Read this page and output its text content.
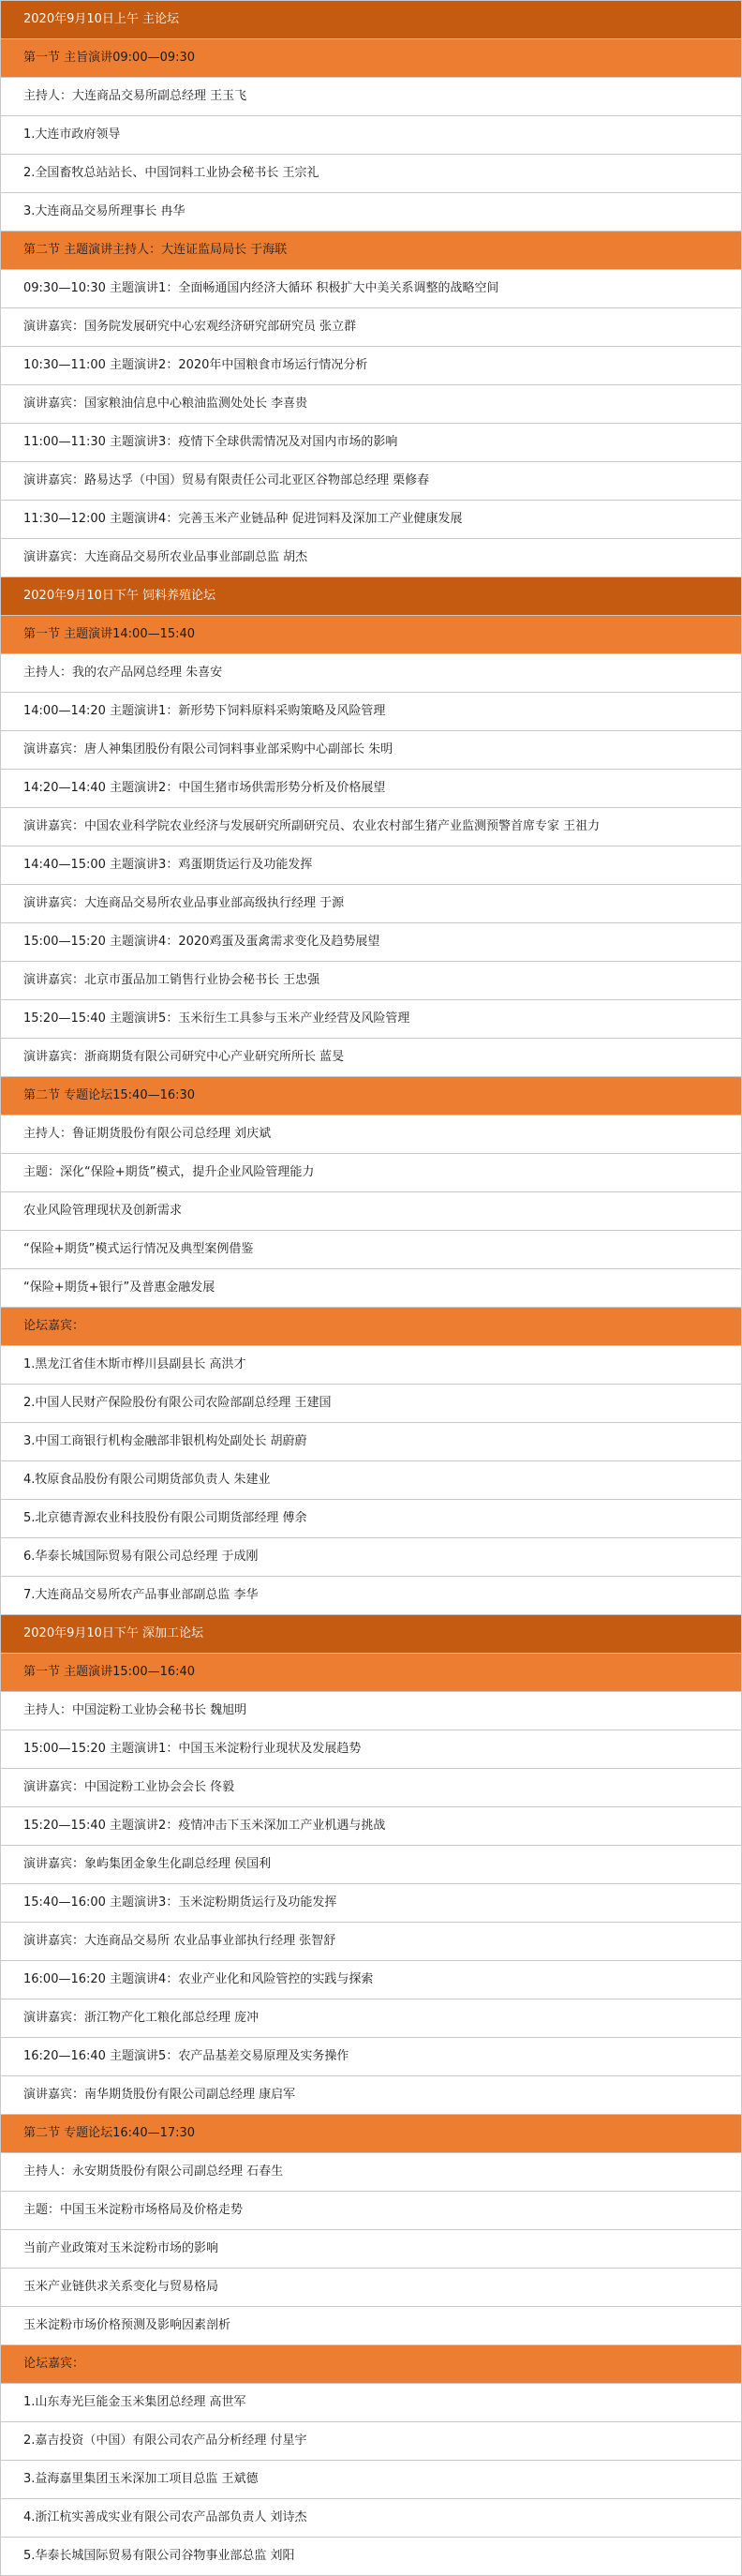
2020年9月10日上午 主论坛
第一节 主旨演讲09:00—09:30
主持人：大连商品交易所副总经理 王玉飞
1.大连市政府领导
2.全国畜牧总站站长、中国饲料工业协会秘书长 王宗礼
3.大连商品交易所理事长 冉华
第二节 主题演讲主持人：大连证监局局长 于海联
09:30—10:30 主题演讲1：全面畅通国内经济大循环 积极扩大中美关系调整的战略空间
演讲嘉宾：国务院发展研究中心宏观经济研究部研究员 张立群
10:30—11:00 主题演讲2：2020年中国粮食市场运行情况分析
演讲嘉宾：国家粮油信息中心粮油监测处处长 李喜贵
11:00—11:30 主题演讲3：疫情下全球供需情况及对国内市场的影响
演讲嘉宾：路易达孚（中国）贸易有限责任公司北亚区谷物部总经理 栗修春
11:30—12:00 主题演讲4：完善玉米产业链品种 促进饲料及深加工产业健康发展
演讲嘉宾：大连商品交易所农业品事业部副总监 胡杰
2020年9月10日下午 饲料养殖论坛
第一节 主题演讲14:00—15:40
主持人：我的农产品网总经理 朱喜安
14:00—14:20 主题演讲1：新形势下饲料原料采购策略及风险管理
演讲嘉宾：唐人神集团股份有限公司饲料事业部采购中心副部长 朱明
14:20—14:40 主题演讲2：中国生猪市场供需形势分析及价格展望
演讲嘉宾：中国农业科学院农业经济与发展研究所副研究员、农业农村部生猪产业监测预警首席专家 王祖力
14:40—15:00 主题演讲3：鸡蛋期货运行及功能发挥
演讲嘉宾：大连商品交易所农业品事业部高级执行经理 于源
15:00—15:20 主题演讲4：2020鸡蛋及蛋禽需求变化及趋势展望
演讲嘉宾：北京市蛋品加工销售行业协会秘书长 王忠强
15:20—15:40 主题演讲5：玉米衍生工具参与玉米产业经营及风险管理
演讲嘉宾：浙商期货有限公司研究中心产业研究所所长 蓝旻
第二节 专题论坛15:40—16:30
主持人：鲁证期货股份有限公司总经理 刘庆斌
主题：深化“保险+期货”模式，提升企业风险管理能力
农业风险管理现状及创新需求
“保险+期货”模式运行情况及典型案例借鉴
“保险+期货+银行”及普惠金融发展
论坛嘉宾：
1.黑龙江省佳木斯市桦川县副县长 高洪才
2.中国人民财产保险股份有限公司农险部副总经理 王建国
3.中国工商银行机构金融部非银机构处副处长 胡蔚蔚
4.牧原食品股份有限公司期货部负责人 朱建业
5.北京德青源农业科技股份有限公司期货部经理 傅余
6.华泰长城国际贸易有限公司总经理 于成刚
7.大连商品交易所农产品事业部副总监 李华
2020年9月10日下午 深加工论坛
第一节 主题演讲15:00—16:40
主持人：中国淀粉工业协会秘书长 魏旭明
15:00—15:20 主题演讲1：中国玉米淀粉行业现状及发展趋势
演讲嘉宾：中国淀粉工业协会会长 佟毅
15:20—15:40 主题演讲2：疫情冲击下玉米深加工产业机遇与挑战
演讲嘉宾：象屿集团金象生化副总经理 侯国利
15:40—16:00 主题演讲3：玉米淀粉期货运行及功能发挥
演讲嘉宾：大连商品交易所 农业品事业部执行经理 张智舒
16:00—16:20 主题演讲4：农业产业化和风险管控的实践与探索
演讲嘉宾：浙江物产化工粮化部总经理 庞冲
16:20—16:40 主题演讲5：农产品基差交易原理及实务操作
演讲嘉宾：南华期货股份有限公司副总经理 康启军
第二节 专题论坛16:40—17:30
主持人：永安期货股份有限公司副总经理 石春生
主题：中国玉米淀粉市场格局及价格走势
当前产业政策对玉米淀粉市场的影响
玉米产业链供求关系变化与贸易格局
玉米淀粉市场价格预测及影响因素剖析
论坛嘉宾：
1.山东寿光巨能金玉米集团总经理 高世军
2.嘉吉投资（中国）有限公司农产品分析经理 付星宇
3.益海嘉里集团玉米深加工项目总监 王斌德
4.浙江杭实善成实业有限公司农产品部负责人 刘诗杰
5.华泰长城国际贸易有限公司谷物事业部总监 刘阳
